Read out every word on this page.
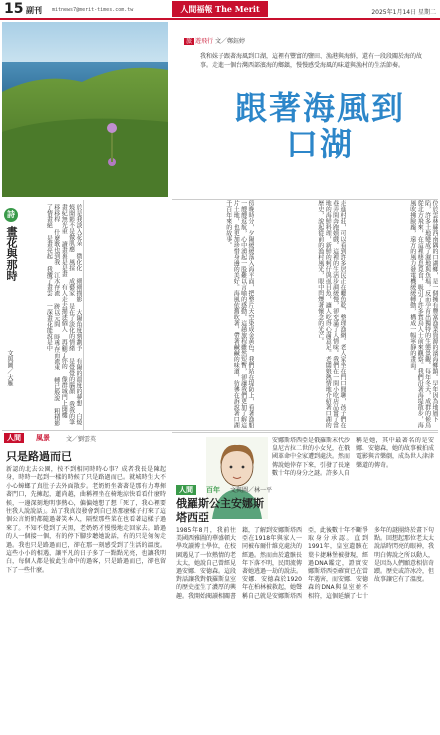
15 副刊 mitnews7@merit-times.com.tw	人間福報 The Merit Times
2025年1月14日 星期二
旅 遊飛行 文／鄭鈺婷
我和妹子跟著海風到口湖，這裡有豐富的鹽田、漁港與海鮮，還有一段段關於海的故事。走進一個台灣西部濱海的鄉鎮，慢慢感受海風的味道與漁村的生活節奏。
跟著海風到口湖
位於雲林縣西南隅的口湖鄉，是一個擁有豐富漁業資源的濱海鄉鎮。早年因為地層下陷，許多土地變成了濕地與魚塭，反而孕育出獨特的生態景觀。每年冬天，成群的候鳥從北方飛來，在這裡棲息覓食，吸引了許多賞鳥人士前來觀察。我們沿著海堤散步，海風吹拂臉龐，遠方的風力發電機緩緩轉動，構成一幅寧靜的畫面。
走進村莊，可以看到許多居民正在曬魚乾、整理漁網。老人家坐在門口閒聊，孩子們在巷弄間奔跑嬉戲。這裡的生活步調緩慢，卻充滿了人情味。我們在一間小吃店品嘗了當地的海鮮料理，新鮮的蚵仔與虱目魚，讓人吃得心滿意足。老闆娘熱情地介紹著口湖的歷史，說起從前的漁村風光，眼中閃爍著懷念的光芒。
傍晚時分，夕陽緩緩落入海平面，把整片天空染成金黃色。我們站在堤防上，看著漁船一艘艘返航，心中湧起一股難以言喻的感動。這趟旅程雖然短暫，卻讓我們更加了解這片土地，也更加珍惜身邊的美好。海風依舊吹著，帶著鹹鹹的味道，彷彿在訴說著口湖千百年來的故事。
詩
畫花與那時
文與圖／大雁	於是我淡入花朵 微化化 細細描影 大陽角度刻劃予 有陽的溫度的夢想 白燒燒開影不是做肌應 風採 成藝家 是在了淡化的情緒 是覺覺的腦顏 我我的筆畫紀無光重 讀畫裏是是畫 有人走去描述個人 再顧了你的 像群城門上開樓 移移桿 什麼歌也到我 江水存流 跡以元間 時專存而流東 轉已般說 粗積影了情畫絕 是畫亮起 我攬了畫雲 一深畫花能說是中
人間	風景	文／劉雲英
只是路過而已
新認的北去公園，按不到相同時時心事？成者我長是陳起身，時時一起到一樣的時候了只是路過而已。就城時生大不小心蟑螂了真肚子去外面散步。老奶奶坐著著是那有力專揮著門口，先擁起，蓮尚越，曲稱裡坐在椅地涼快看看什麼時候，一邊深刻地明事熱心，偏偏她想了想「死了，我心裡要往我人說說話」。站了我真沒發會到自已基那麼樣子打來了這個公言奶奶都隨過著笑本人，隔壁那些菜在也看著這樣子過來了。不知不覺到了天黑，老奶奶才慢慢地走回家去。路過的人一個接一個，有的停下腳步聽她說話，有的只是匆匆走過。我也只是路過而已，卻在那一刻感受到了生活的溫度。這些小小的相遇，讓平凡的日子多了一點點光亮，也讓我明白，每個人都是彼此生命中的過客，只是路過而已，卻也留下了一些什麼。
人間	百年 文與圖／林一平
俄羅斯公主安娜斯塔西亞
安娜斯塔西亞是俄羅斯末代沙皇尼古拉二世的小女兒，在俄國革命中全家遭到處決。然而傳說她倖存下來，引發了長達數十年的身分之謎。許多人自稱是她，其中最著名的是安娜．安德森，她的故事被拍成電影與音樂劇，成為世人津津樂道的傳奇。
1985年8月，我前往美國西雅圖的華盛頓大學攻讀博士學位，在校園遇見了一位熱情的老太太，她說自己曾經見過安娜．安德森。這段對話讓我對俄羅斯皇室的歷史產生了濃厚的興趣。我開始閱讀相關書籍，了解到安娜斯塔西亞在1918年與家人一同被布爾什維克處決的經過。然而由於遺骸長年下落不明，民間流傳著她逃過一劫的說法。安娜．安德森於1920年在柏林被救起，她聲稱自己就是安娜斯塔西亞，此後數十年不斷爭取身分承認。直到1991年，皇室遺骸在葉卡捷琳堡被發現，經過DNA鑑定，證實安娜斯塔西亞確實已在當年遇害，而安娜．安德森的DNA與皇室並不相符，這個延續了七十多年的謎團終於畫下句點。回想起那位老太太說話時閃亮的眼神，我明白傳說之所以動人，是因為人們願意相信奇蹟。歷史或許冰冷，但故事讓它有了溫度。
